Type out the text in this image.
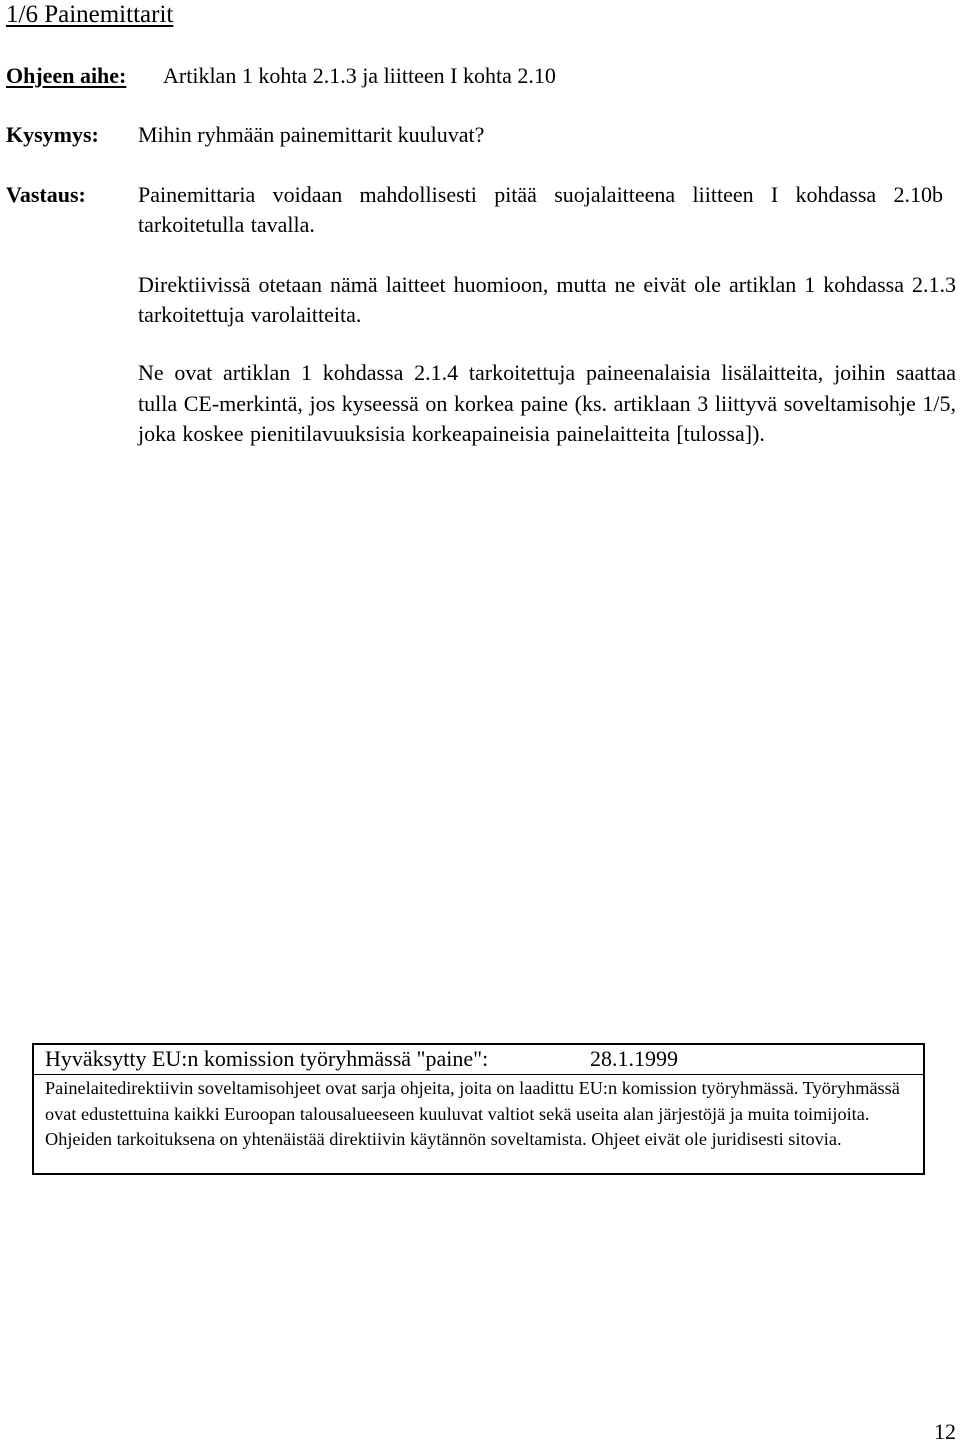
1/6 Painemittarit
Ohjeen aihe: Artiklan 1 kohta 2.1.3 ja liitteen I kohta 2.10
Kysymys: Mihin ryhmään painemittarit kuuluvat?
Vastaus: Painemittaria voidaan mahdollisesti pitää suojalaitteena liitteen I kohdassa 2.10b tarkoitetulla tavalla.
Direktiivissä otetaan nämä laitteet huomioon, mutta ne eivät ole artiklan 1 kohdassa 2.1.3 tarkoitettuja varolaitteita.
Ne ovat artiklan 1 kohdassa 2.1.4 tarkoitettuja paineenalaisia lisälaitteita, joihin saattaa tulla CE-merkintä, jos kyseessä on korkea paine (ks. artiklaan 3 liittyvä soveltamisohje 1/5, joka koskee pienitilavuuksisia korkeapaineisia painelaitteita [tulossa]).
Hyväksytty EU:n komission työryhmässä "paine":	28.1.1999
Painelaitedirektiivin soveltamisohjeet ovat sarja ohjeita, joita on laadittu EU:n komission työryhmässä. Työryhmässä ovat edustettuina kaikki Euroopan talousalueeseen kuuluvat valtiot sekä useita alan järjestöjä ja muita toimijoita. Ohjeiden tarkoituksena on yhtenäistää direktiivin käytännön soveltamista. Ohjeet eivät ole juridisesti sitovia.
12
